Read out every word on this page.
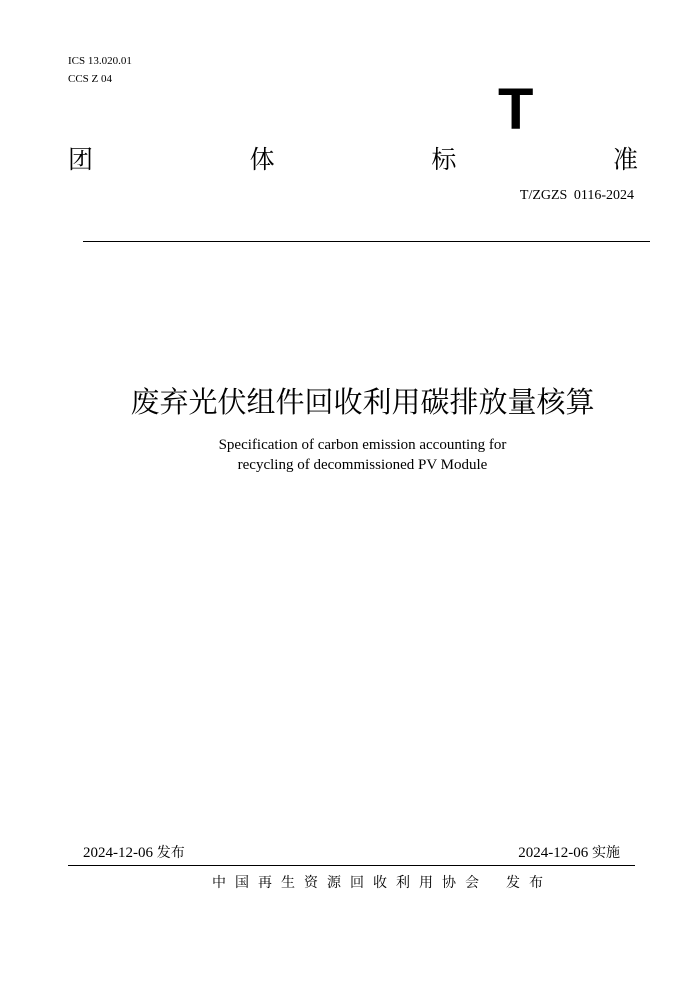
ICS 13.020.01
CCS Z 04	T
团	体	标	准
T/ZGZS 0116-2024
废弃光伏组件回收利用碳排放量核算
Specification of carbon emission accounting for
recycling of decommissioned PV Module
2024-12-06 发布	2024-12-06 实施
中国再生资源回收利用协会 发布
